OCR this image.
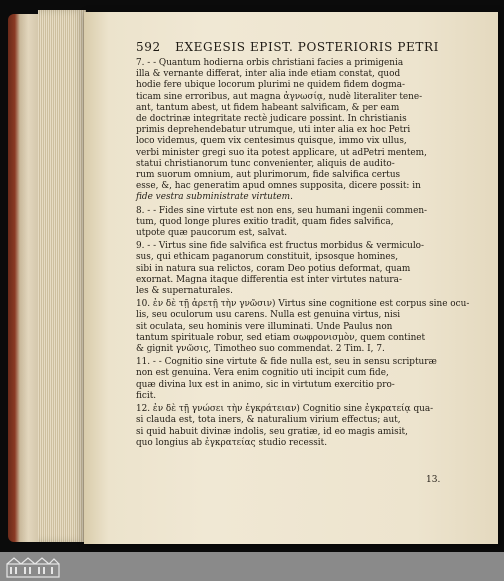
592 EXEGESIS EPIST. POSTERIORIS PETRI
7. - - Quantum hodierna orbis christiani facies a primigenia
illa & vernante differat, inter alia inde etiam constat, quod
hodie fere ubique locorum plurimi ne quidem fidem dogma-
ticam sine erroribus, aut magna ἀγνωσίᾳ, nudè literaliter tene-
ant, tantum abest, ut fidem habeant salvificam, & per eam
de doctrinæ integritate rectè judicare possint. In christianis
primis deprehendebatur utrumque, uti inter alia ex hoc Petri
loco videmus, quem vix centesimus quisque, immo vix ullus,
verbi minister gregi suo ita potest applicare, ut adPetri mentem,
statui christianorum tunc convenienter, aliquis de audito-
rum suorum omnium, aut plurimorum, fide salvifica certus
esse, &, hac generatim apud omnes supposita, dicere possit: in
fide vestra subministrate virtutem.
8. - - Fides sine virtute est non ens, seu humani ingenii commen-
tum, quod longe plures exitio tradit, quam fides salvifica,
utpote quæ paucorum est, salvat.
9. - - Virtus sine fide salvifica est fructus morbidus & vermiculo-
sus, qui ethicam paganorum constituit, ipsosque homines,
sibi in natura sua relictos, coram Deo potius deformat, quam
exornat. Magna itaque differentia est inter virtutes natura-
les & supernaturales.
10. ἐν δὲ τῇ ἀρετῇ τὴν γνῶσιν) Virtus sine cognitione est corpus sine ocu-
lis, seu oculorum usu carens. Nulla est genuina virtus, nisi
sit oculata, seu hominis vere illuminati. Unde Paulus non
tantum spirituale robur, sed etiam σωφρονισμὸν, quem continet
& gignit γνῶσις, Timotheo suo commendat. 2 Tim. I, 7.
11. - - Cognitio sine virtute & fide nulla est, seu in sensu scripturæ
non est genuina. Vera enim cognitio uti incipit cum fide,
quæ divina lux est in animo, sic in virtutum exercitio pro-
ficit.
12. ἐν δὲ τῇ γνώσει τὴν ἐγκράτειαν) Cognitio sine ἐγκρατείᾳ qua-
si clauda est, tota iners, & naturalium virium effectus; aut,
si quid habuit divinæ indolis, seu gratiæ, id eo magis amisit,
quo longius ab ἐγκρατείας studio recessit.
13.
